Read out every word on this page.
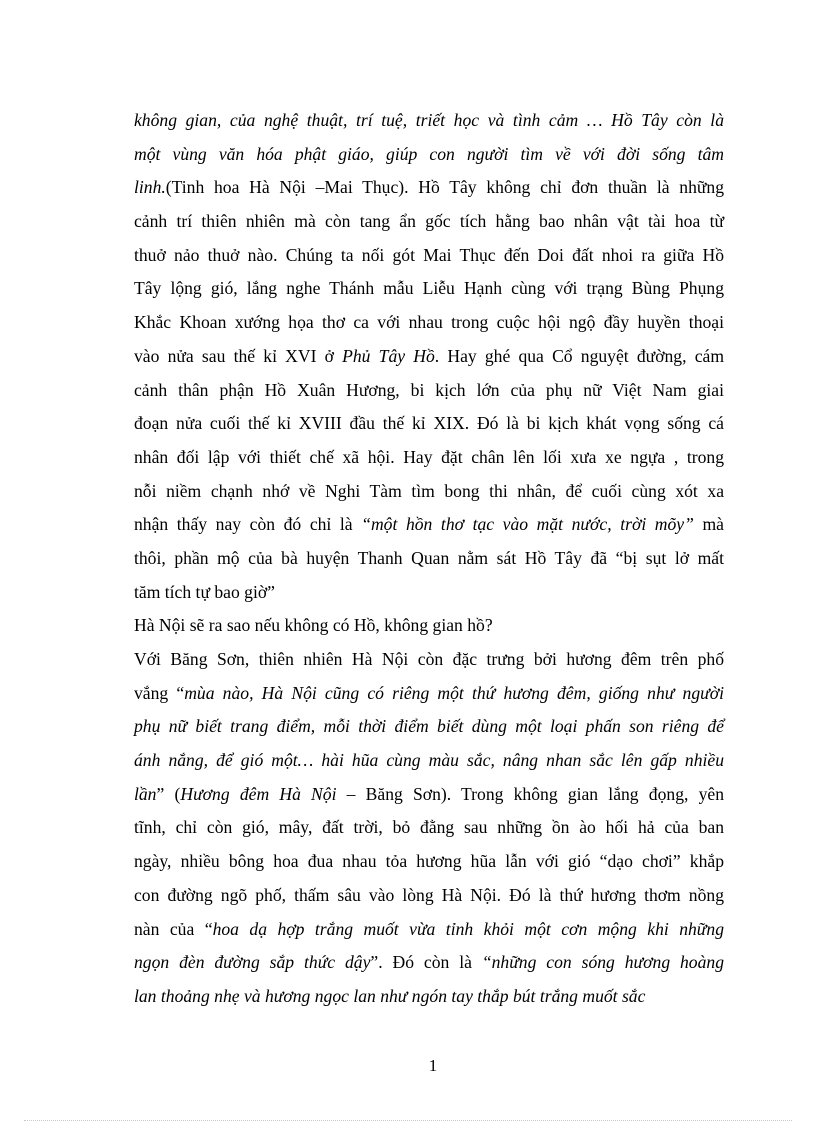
không gian, của nghệ thuật, trí tuệ, triết học và tình cảm … Hồ Tây còn là
một vùng văn hóa phật giáo, giúp con người tìm về với đời sống tâm
linh.(Tinh hoa Hà Nội –Mai Thục). Hồ Tây không chỉ đơn thuần là những
cảnh trí thiên nhiên mà còn tang ẩn gốc tích hằng bao nhân vật tài hoa từ
thuở nảo thuở nào. Chúng ta nối gót Mai Thục đến Doi đất nhoi ra giữa Hồ
Tây lộng gió, lắng nghe Thánh mẫu Liễu Hạnh cùng với trạng Bùng Phụng
Khắc Khoan xướng họa thơ ca với nhau trong cuộc hội ngộ đầy huyền thoại
vào nửa sau thế kỉ XVI ở Phủ Tây Hồ. Hay ghé qua Cổ nguyệt đường, cám
cảnh thân phận Hồ Xuân Hương, bi kịch lớn của phụ nữ Việt Nam giai
đoạn nửa cuối thế kỉ XVIII đầu thế kỉ XIX. Đó là bi kịch khát vọng sống cá
nhân đối lập với thiết chế xã hội. Hay đặt chân lên lối xưa xe ngựa , trong
nỗi niềm chạnh nhớ về Nghi Tàm tìm bong thi nhân, để cuối cùng xót xa
nhận thấy nay còn đó chỉ là “một hồn thơ tạc vào mặt nước, trời mõy” mà
thôi, phần mộ của bà huyện Thanh Quan nằm sát Hồ Tây đã “bị sụt lở mất
tăm tích tự bao giờ”
Hà Nội sẽ ra sao nếu không có Hồ, không gian hồ?
Với Băng Sơn, thiên nhiên Hà Nội còn đặc trưng bởi hương đêm trên phố
vắng “mùa nào, Hà Nội cũng có riêng một thứ hương đêm, giống như người
phụ nữ biết trang điểm, mỗi thời điểm biết dùng một loại phấn son riêng để
ánh nắng, để gió một… hài hũa cùng màu sắc, nâng nhan sắc lên gấp nhiều
lần” (Hương đêm Hà Nội – Băng Sơn). Trong không gian lắng đọng, yên
tĩnh, chỉ còn gió, mây, đất trời, bỏ đằng sau những ồn ào hối hả của ban
ngày, nhiều bông hoa đua nhau tỏa hương hũa lẫn với gió “dạo chơi” khắp
con đường ngõ phố, thấm sâu vào lòng Hà Nội. Đó là thứ hương thơm nồng
nàn của “hoa dạ hợp trắng muốt vừa tỉnh khỏi một cơn mộng khi những
ngọn đèn đường sắp thức dậy”. Đó còn là “những con sóng hương hoàng
lan thoảng nhẹ và hương ngọc lan như ngón tay thắp bút trắng muốt sắc
1
